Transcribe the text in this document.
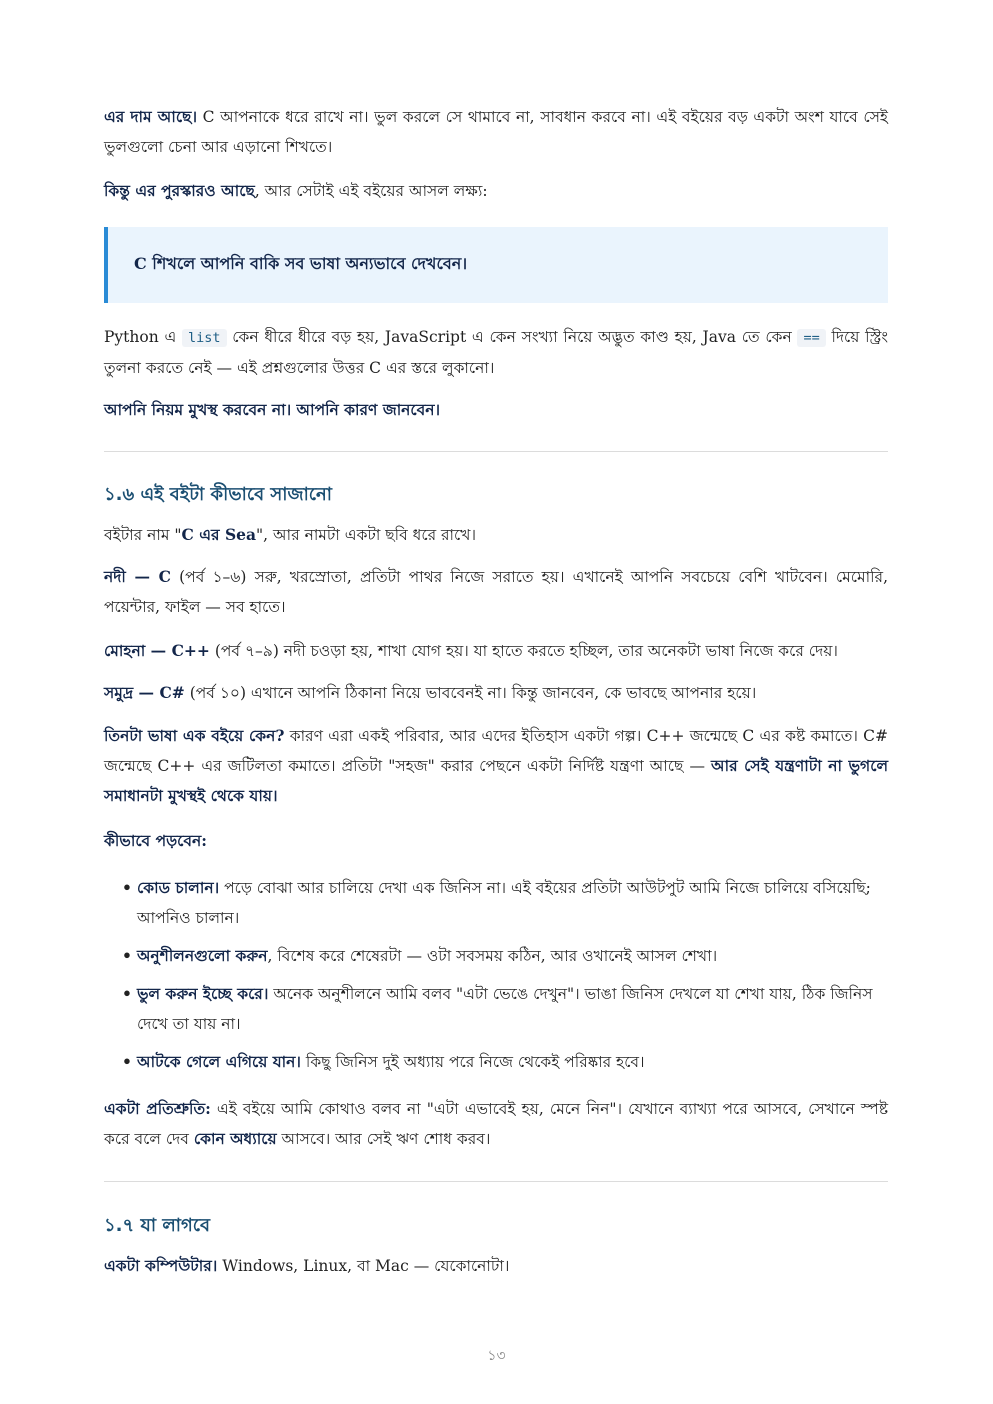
এর দাম আছে। C আপনাকে ধরে রাখে না। ভুল করলে সে থামাবে না, সাবধান করবে না। এই বইয়ের বড় একটা অংশ যাবে সেই ভুলগুলো চেনা আর এড়ানো শিখতে।

কিন্তু এর পুরস্কারও আছে, আর সেটাই এই বইয়ের আসল লক্ষ্য:

C শিখলে আপনি বাকি সব ভাষা অন্যভাবে দেখবেন।

Python এ list কেন ধীরে ধীরে বড় হয়, JavaScript এ কেন সংখ্যা নিয়ে অদ্ভুত কাণ্ড হয়, Java তে কেন == দিয়ে স্ট্রিং তুলনা করতে নেই — এই প্রশ্নগুলোর উত্তর C এর স্তরে লুকানো।

আপনি নিয়ম মুখস্থ করবেন না। আপনি কারণ জানবেন।

১.৬ এই বইটা কীভাবে সাজানো

বইটার নাম "C এর Sea", আর নামটা একটা ছবি ধরে রাখে।

নদী — C (পর্ব ১–৬) সরু, খরস্রোতা, প্রতিটা পাথর নিজে সরাতে হয়। এখানেই আপনি সবচেয়ে বেশি খাটবেন। মেমোরি, পয়েন্টার, ফাইল — সব হাতে।

মোহনা — C++ (পর্ব ৭–৯) নদী চওড়া হয়, শাখা যোগ হয়। যা হাতে করতে হচ্ছিল, তার অনেকটা ভাষা নিজে করে দেয়।

সমুদ্র — C# (পর্ব ১০) এখানে আপনি ঠিকানা নিয়ে ভাববেনই না। কিন্তু জানবেন, কে ভাবছে আপনার হয়ে।

তিনটা ভাষা এক বইয়ে কেন? কারণ এরা একই পরিবার, আর এদের ইতিহাস একটা গল্প। C++ জন্মেছে C এর কষ্ট কমাতে। C# জন্মেছে C++ এর জটিলতা কমাতে। প্রতিটা "সহজ" করার পেছনে একটা নির্দিষ্ট যন্ত্রণা আছে — আর সেই যন্ত্রণাটা না ভুগলে সমাধানটা মুখস্থই থেকে যায়।

কীভাবে পড়বেন:

• কোড চালান। পড়ে বোঝা আর চালিয়ে দেখা এক জিনিস না। এই বইয়ের প্রতিটা আউটপুট আমি নিজে চালিয়ে বসিয়েছি; আপনিও চালান।
• অনুশীলনগুলো করুন, বিশেষ করে শেষেরটা — ওটা সবসময় কঠিন, আর ওখানেই আসল শেখা।
• ভুল করুন ইচ্ছে করে। অনেক অনুশীলনে আমি বলব "এটা ভেঙে দেখুন"। ভাঙা জিনিস দেখলে যা শেখা যায়, ঠিক জিনিস দেখে তা যায় না।
• আটকে গেলে এগিয়ে যান। কিছু জিনিস দুই অধ্যায় পরে নিজে থেকেই পরিষ্কার হবে।

একটা প্রতিশ্রুতি: এই বইয়ে আমি কোথাও বলব না "এটা এভাবেই হয়, মেনে নিন"। যেখানে ব্যাখ্যা পরে আসবে, সেখানে স্পষ্ট করে বলে দেব কোন অধ্যায়ে আসবে। আর সেই ঋণ শোধ করব।

১.৭ যা লাগবে

একটা কম্পিউটার। Windows, Linux, বা Mac — যেকোনোটা।

১৩
